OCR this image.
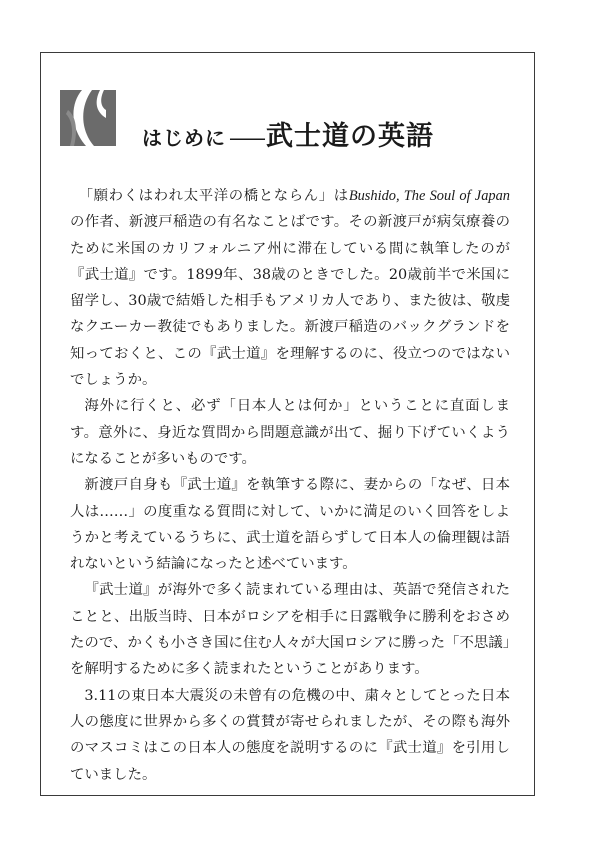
はじめに —— 武士道の英語

「願わくはわれ太平洋の橋とならん」はBushido, The Soul of Japanの作者、新渡戸稲造の有名なことばです。その新渡戸が病気療養のために米国のカリフォルニア州に滞在している間に執筆したのが『武士道』です。1899年、38歳のときでした。20歳前半で米国に留学し、30歳で結婚した相手もアメリカ人であり、また彼は、敬虔なクエーカー教徒でもありました。新渡戸稲造のバックグランドを知っておくと、この『武士道』を理解するのに、役立つのではないでしょうか。

海外に行くと、必ず「日本人とは何か」ということに直面します。意外に、身近な質問から問題意識が出て、掘り下げていくようになることが多いものです。

新渡戸自身も『武士道』を執筆する際に、妻からの「なぜ、日本人は……」の度重なる質問に対して、いかに満足のいく回答をしようかと考えているうちに、武士道を語らずして日本人の倫理観は語れないという結論になったと述べています。

『武士道』が海外で多く読まれている理由は、英語で発信されたことと、出版当時、日本がロシアを相手に日露戦争に勝利をおさめたので、かくも小さき国に住む人々が大国ロシアに勝った「不思議」を解明するために多く読まれたということがあります。

3.11の東日本大震災の未曾有の危機の中、粛々としてとった日本人の態度に世界から多くの賞賛が寄せられましたが、その際も海外のマスコミはこの日本人の態度を説明するのに『武士道』を引用していました。
